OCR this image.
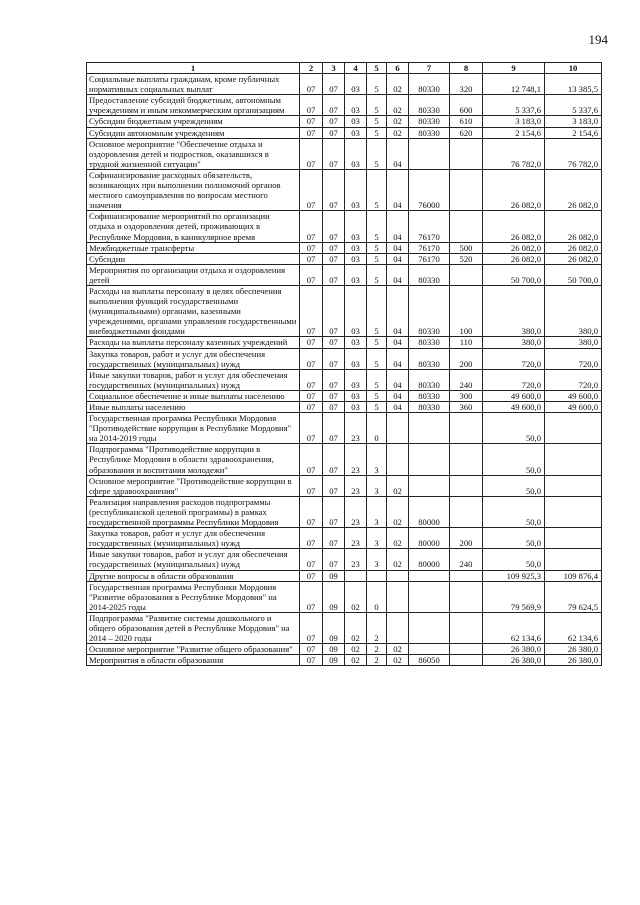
194
1	2	3	4	5	6	7	8	9	10
Социальные выплаты гражданам, кроме публичных нормативных социальных выплат	07	07	03	5	02	80330	320	12 748,1	13 385,5
Предоставление субсидий бюджетным, автономным учреждениям и иным некоммерческим организациям	07	07	03	5	02	80330	600	5 337,6	5 337,6
Субсидии бюджетным учреждениям	07	07	03	5	02	80330	610	3 183,0	3 183,0
Субсидии автономным учреждениям	07	07	03	5	02	80330	620	2 154,6	2 154,6
Основное мероприятие "Обеспечение отдыха и оздоровления детей и подростков, оказавшихся в трудной жизненной ситуации"	07	07	03	5	04			76 782,0	76 782,0
Софинансирование расходных обязательств, возникающих при выполнении полномочий органов местного самоуправления по вопросам местного значения	07	07	03	5	04	76000		26 082,0	26 082,0
Софинансирование мероприятий по организации отдыха и оздоровления детей, проживающих в Республике Мордовия, в каникулярное время	07	07	03	5	04	76170		26 082,0	26 082,0
Межбюджетные трансферты	07	07	03	5	04	76170	500	26 082,0	26 082,0
Субсидии	07	07	03	5	04	76170	520	26 082,0	26 082,0
Мероприятия по организации отдыха и оздоровления детей	07	07	03	5	04	80330		50 700,0	50 700,0
Расходы на выплаты персоналу в целях обеспечения выполнения функций государственными (муниципальными) органами, казенными учреждениями, органами управления государственными внебюджетными фондами	07	07	03	5	04	80330	100	380,0	380,0
Расходы на выплаты персоналу казенных учреждений	07	07	03	5	04	80330	110	380,0	380,0
Закупка товаров, работ и услуг для обеспечения государственных (муниципальных) нужд	07	07	03	5	04	80330	200	720,0	720,0
Иные закупки товаров, работ и услуг для обеспечения государственных (муниципальных) нужд	07	07	03	5	04	80330	240	720,0	720,0
Социальное обеспечение и иные выплаты населению	07	07	03	5	04	80330	300	49 600,0	49 600,0
Иные выплаты населению	07	07	03	5	04	80330	360	49 600,0	49 600,0
Государственная программа Республики Мордовия "Противодействие коррупции в Республике Мордовия" на 2014-2019 годы	07	07	23	0				50,0	
Подпрограмма "Противодействие коррупции в Республике Мордовия в области здравоохранения, образования и воспитания молодежи"	07	07	23	3				50,0	
Основное мероприятие "Противодействие коррупции в сфере здравоохранения"	07	07	23	3	02			50,0	
Реализация направления расходов подпрограммы (республиканской целевой программы) в рамках государственной программы Республики Мордовия	07	07	23	3	02	80000		50,0	
Закупка товаров, работ и услуг для обеспечения государственных (муниципальных) нужд	07	07	23	3	02	80000	200	50,0	
Иные закупки товаров, работ и услуг для обеспечения государственных (муниципальных) нужд	07	07	23	3	02	80000	240	50,0	
Другие вопросы в области образования	07	09						109 925,3	109 876,4
Государственная программа Республики Мордовия "Развитие образования в Республике Мордовия" на 2014-2025 годы	07	09	02	0				79 569,9	79 624,5
Подпрограмма "Развитие системы дошкольного и общего образования детей в Республике Мордовия" на 2014 – 2020 годы	07	09	02	2				62 134,6	62 134,6
Основное мероприятие "Развитие общего образования"	07	09	02	2	02			26 380,0	26 380,0
Мероприятия в области образования	07	09	02	2	02	86050		26 380,0	26 380,0
